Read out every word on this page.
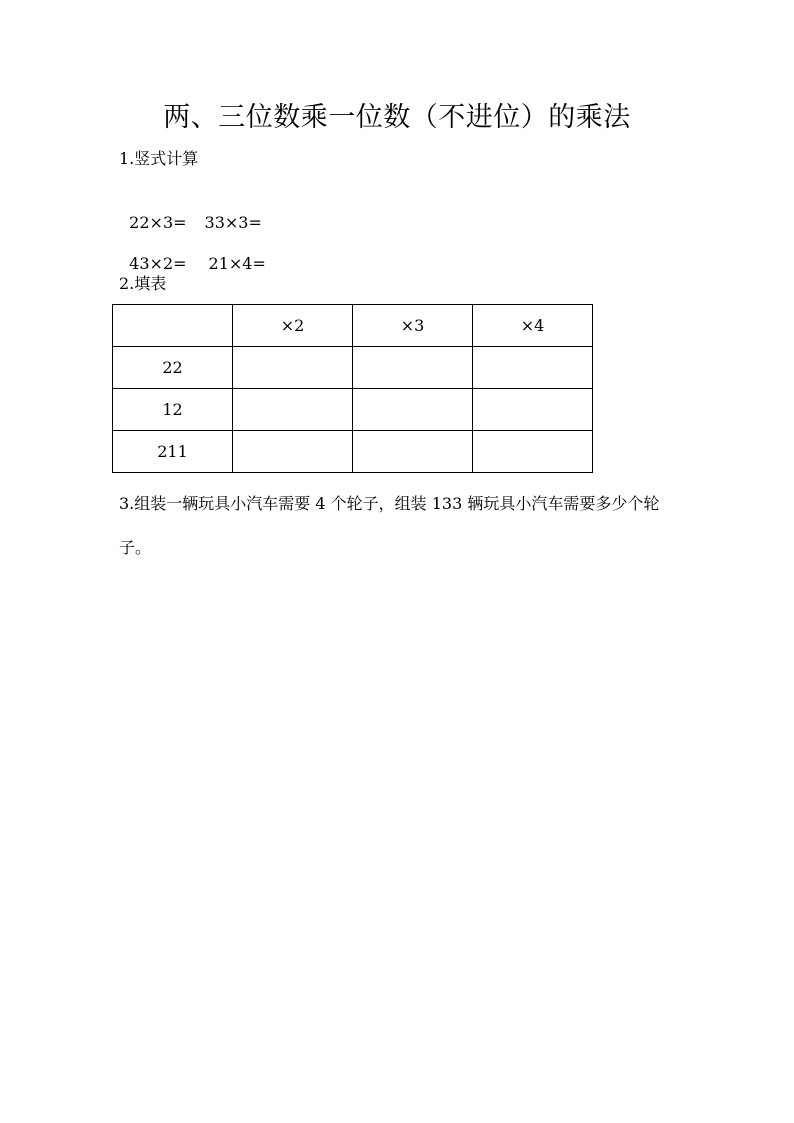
两、三位数乘一位数（不进位）的乘法
1.竖式计算

22×3= 33×3=

43×2= 21×4=

2.填表
	×2	×3	×4
22			
12			
211			
3.组装一辆玩具小汽车需要 4 个轮子，组装 133 辆玩具小汽车需要多少个轮子。
